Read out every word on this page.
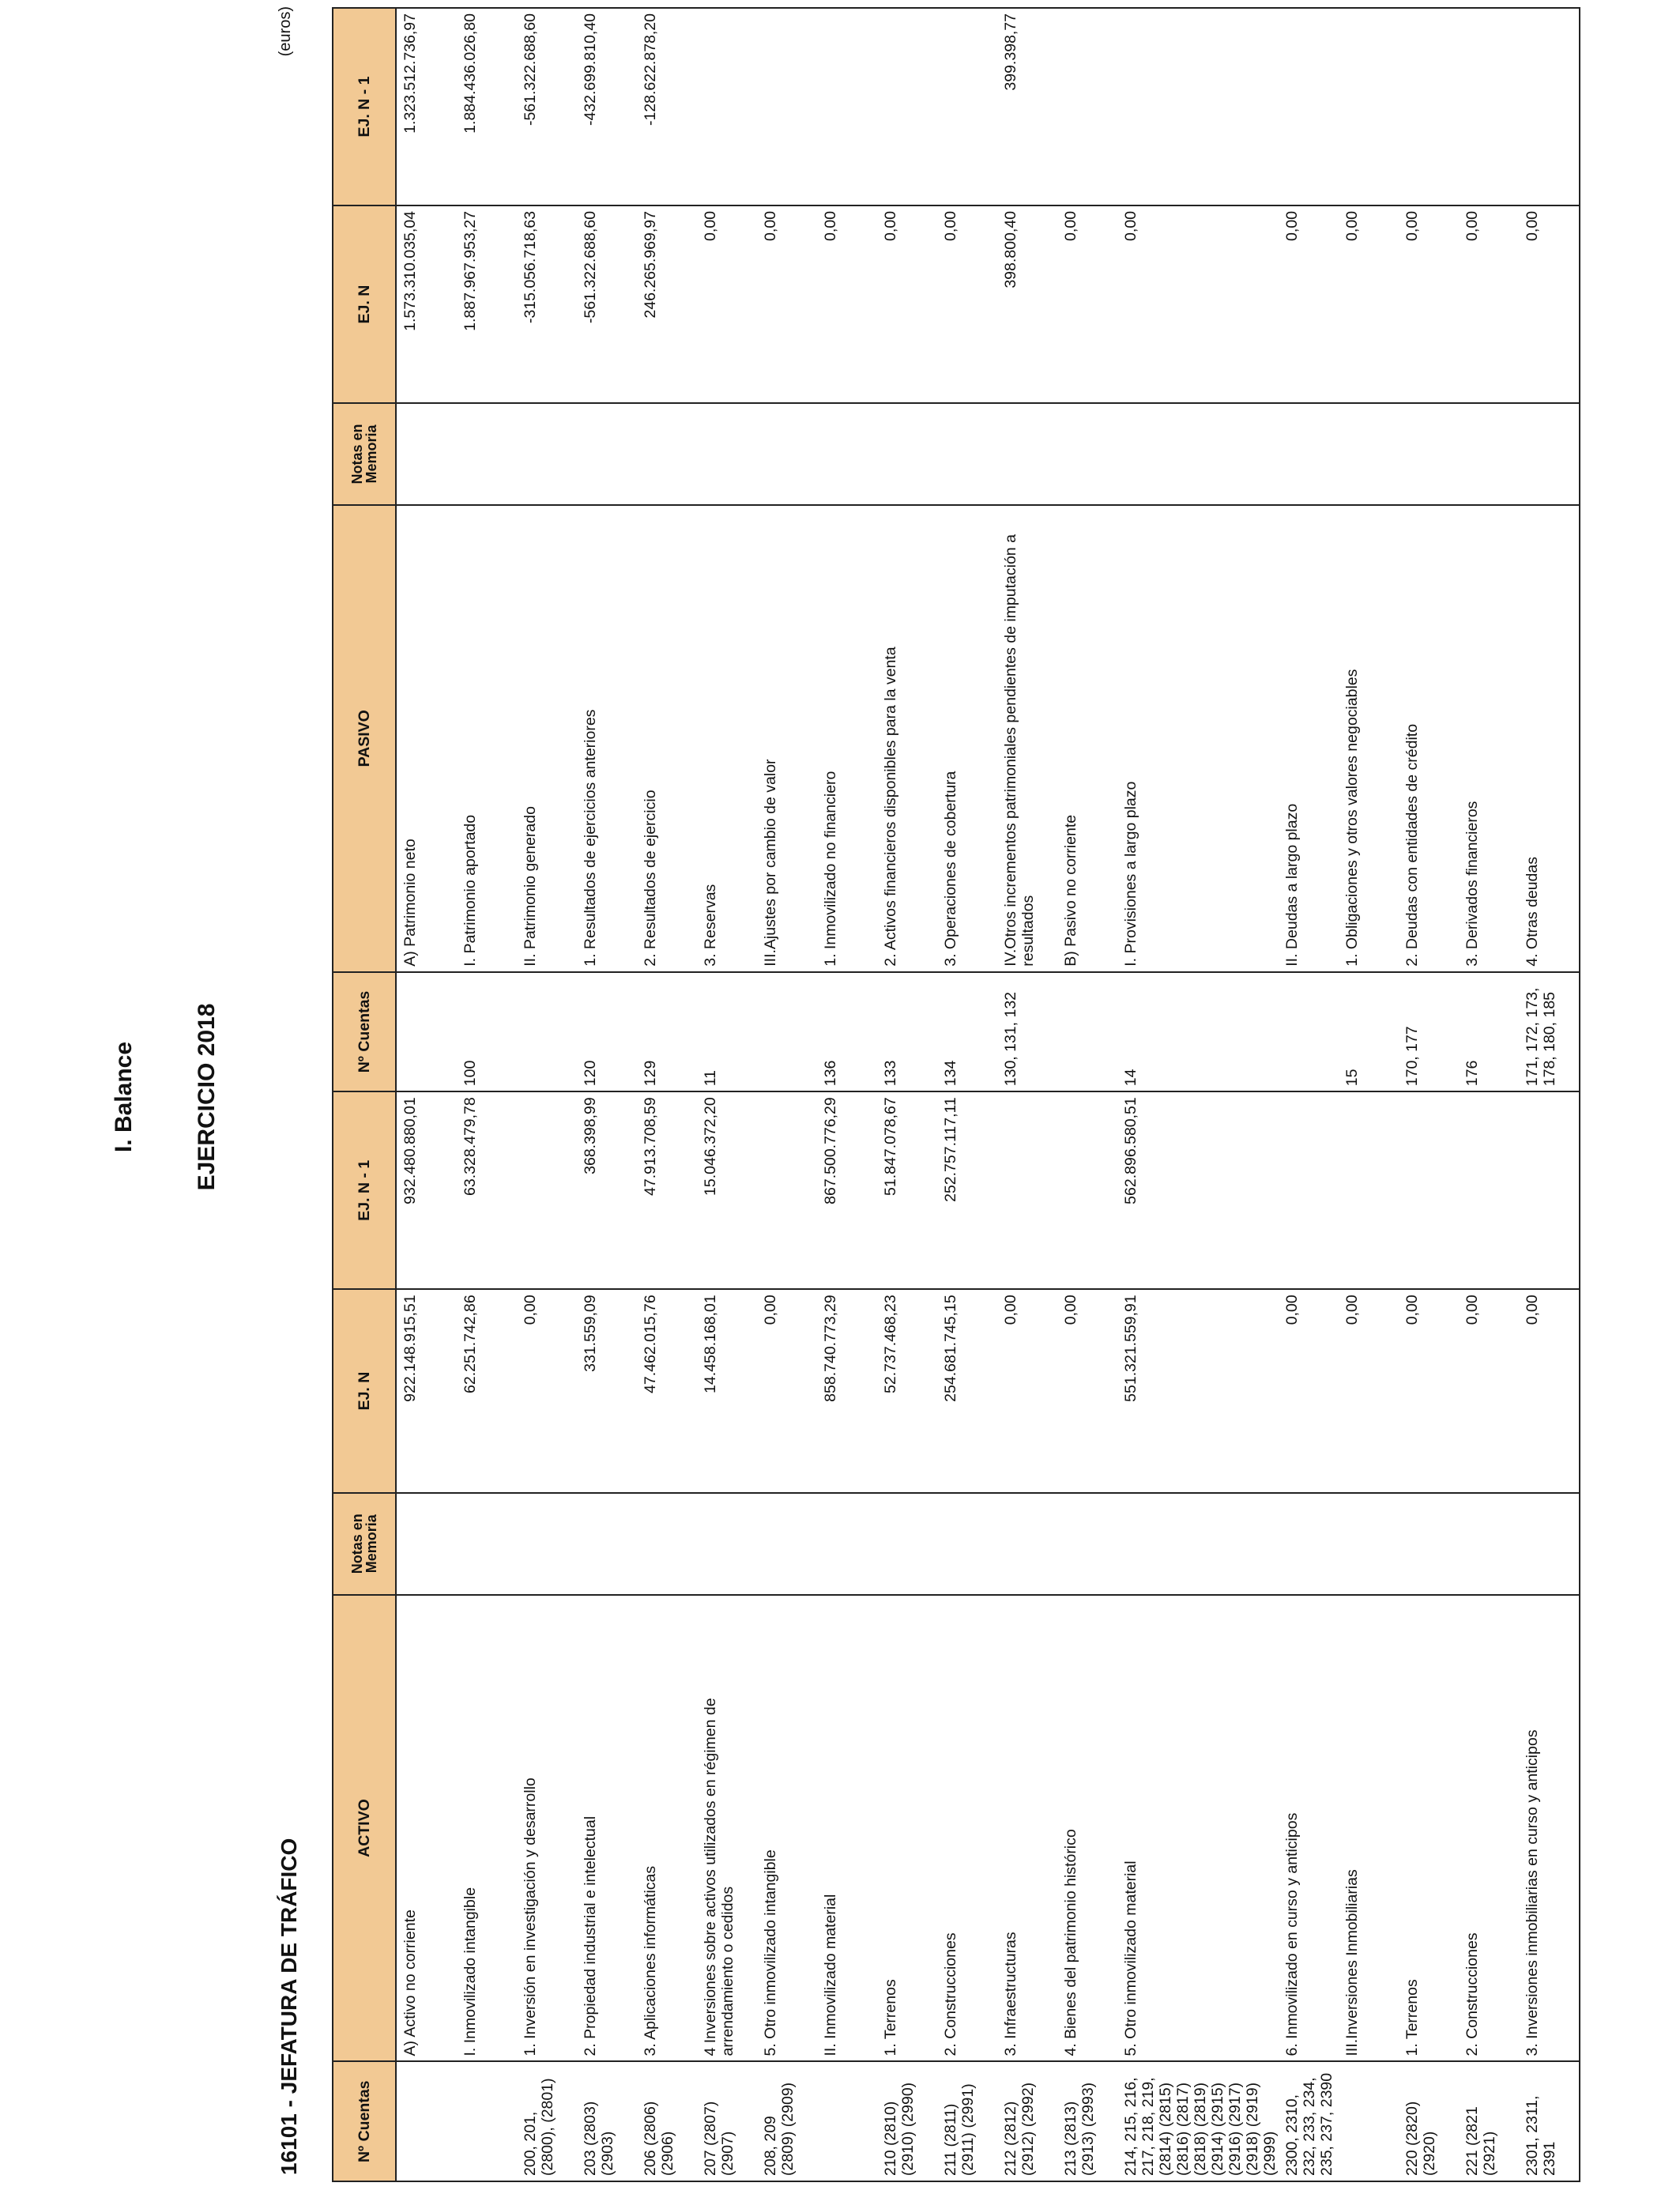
16101 - JEFATURA DE TRÁFICO
I. Balance EJERCICIO 2018
(euros)
Nº Cuentas	ACTIVO	Notas en Memoria	EJ. N	EJ. N - 1	Nº Cuentas	PASIVO	Notas en Memoria	EJ. N	EJ. N - 1
	A) Activo no corriente		922.148.915,51	932.480.880,01		A) Patrimonio neto		1.573.310.035,04	1.323.512.736,97
	I. Inmovilizado intangible		62.251.742,86	63.328.479,78	100	I. Patrimonio aportado		1.887.967.953,27	1.884.436.026,80
200, 201, (2800), (2801)	1. Inversión en investigación y desarrollo		0,00			II. Patrimonio generado		-315.056.718,63	-561.322.688,60
203 (2803) (2903)	2. Propiedad industrial e intelectual		331.559,09	368.398,99	120	1. Resultados de ejercicios anteriores		-561.322.688,60	-432.699.810,40
206 (2806) (2906)	3. Aplicaciones informáticas		47.462.015,76	47.913.708,59	129	2. Resultados de ejercicio		246.265.969,97	-128.622.878,20
207 (2807) (2907)	4 Inversiones sobre activos utilizados en régimen de arrendamiento o cedidos		14.458.168,01	15.046.372,20	11	3. Reservas		0,00	
208, 209 (2809) (2909)	5. Otro inmovilizado intangible		0,00			III.Ajustes por cambio de valor		0,00	
	II. Inmovilizado material		858.740.773,29	867.500.776,29	136	1. Inmovilizado no financiero		0,00	
210 (2810) (2910) (2990)	1. Terrenos		52.737.468,23	51.847.078,67	133	2. Activos financieros disponibles para la venta		0,00	
211 (2811) (2911) (2991)	2. Construcciones		254.681.745,15	252.757.117,11	134	3. Operaciones de cobertura		0,00	
212 (2812) (2912) (2992)	3. Infraestructuras		0,00		130, 131, 132	IV.Otros incrementos patrimoniales pendientes de imputación a resultados		398.800,40	399.398,77
213 (2813) (2913) (2993)	4. Bienes del patrimonio histórico		0,00			B) Pasivo no corriente		0,00	
214, 215, 216, 217, 218, 219, (2814) (2815) (2816) (2817) (2818) (2819) (2914) (2915) (2916) (2917) (2918) (2919) (2999)	5. Otro inmovilizado material		551.321.559,91	562.896.580,51	14	I. Provisiones a largo plazo		0,00	
2300, 2310, 232, 233, 234, 235, 237, 2390	6. Inmovilizado en curso y anticipos		0,00			II. Deudas a largo plazo		0,00	
	III.Inversiones Inmobiliarias		0,00		15	1. Obligaciones y otros valores negociables		0,00	
220 (2820) (2920)	1. Terrenos		0,00		170, 177	2. Deudas con entidades de crédito		0,00	
221 (2821 (2921)	2. Construcciones		0,00		176	3. Derivados financieros		0,00	
2301, 2311, 2391	3. Inversiones inmobiliarias en curso y anticipos		0,00		171, 172, 173, 178, 180, 185	4. Otras deudas		0,00	
